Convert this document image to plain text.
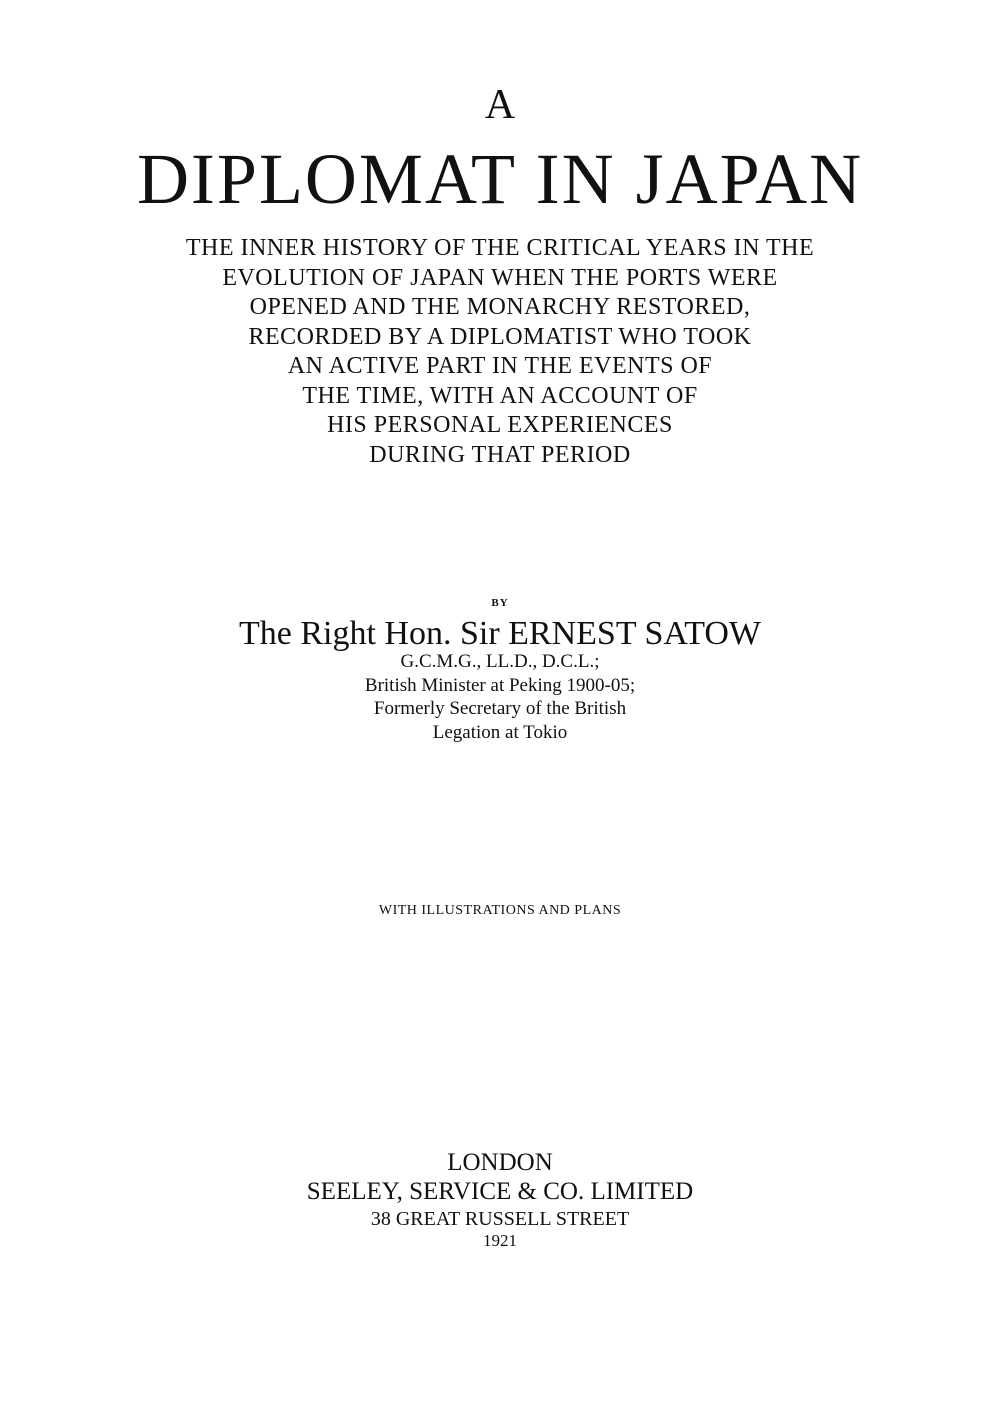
A

DIPLOMAT IN JAPAN
THE INNER HISTORY OF THE CRITICAL YEARS IN THE
EVOLUTION OF JAPAN WHEN THE PORTS WERE
OPENED AND THE MONARCHY RESTORED,
RECORDED BY A DIPLOMATIST WHO TOOK
AN ACTIVE PART IN THE EVENTS OF
THE TIME, WITH AN ACCOUNT OF
HIS PERSONAL EXPERIENCES
DURING THAT PERIOD

BY

The Right Hon. Sir ERNEST SATOW

G.C.M.G., LL.D., D.C.L.;
British Minister at Peking 1900-05;
Formerly Secretary of the British
Legation at Tokio

WITH ILLUSTRATIONS AND PLANS

LONDON

SEELEY, SERVICE & CO. LIMITED

38 GREAT RUSSELL STREET

1921
